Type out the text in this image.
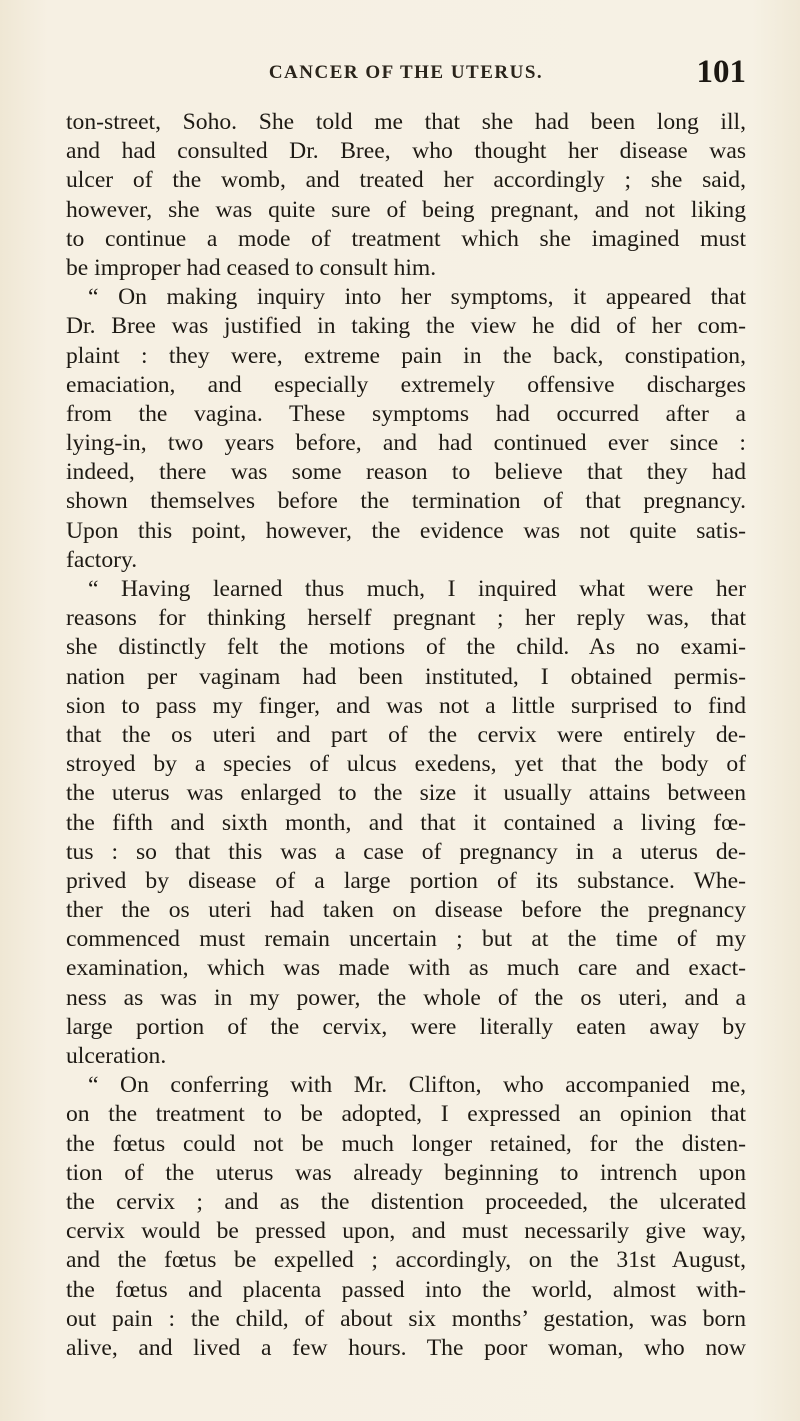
CANCER OF THE UTERUS.	101
ton-street, Soho. She told me that she had been long ill,
and had consulted Dr. Bree, who thought her disease was
ulcer of the womb, and treated her accordingly ; she said,
however, she was quite sure of being pregnant, and not liking
to continue a mode of treatment which she imagined must
be improper had ceased to consult him.
“ On making inquiry into her symptoms, it appeared that
Dr. Bree was justified in taking the view he did of her com-
plaint : they were, extreme pain in the back, constipation,
emaciation, and especially extremely offensive discharges
from the vagina. These symptoms had occurred after a
lying-in, two years before, and had continued ever since :
indeed, there was some reason to believe that they had
shown themselves before the termination of that pregnancy.
Upon this point, however, the evidence was not quite satis-
factory.
“ Having learned thus much, I inquired what were her
reasons for thinking herself pregnant ; her reply was, that
she distinctly felt the motions of the child. As no exami-
nation per vaginam had been instituted, I obtained permis-
sion to pass my finger, and was not a little surprised to find
that the os uteri and part of the cervix were entirely de-
stroyed by a species of ulcus exedens, yet that the body of
the uterus was enlarged to the size it usually attains between
the fifth and sixth month, and that it contained a living fœ-
tus : so that this was a case of pregnancy in a uterus de-
prived by disease of a large portion of its substance. Whe-
ther the os uteri had taken on disease before the pregnancy
commenced must remain uncertain ; but at the time of my
examination, which was made with as much care and exact-
ness as was in my power, the whole of the os uteri, and a
large portion of the cervix, were literally eaten away by
ulceration.
“ On conferring with Mr. Clifton, who accompanied me,
on the treatment to be adopted, I expressed an opinion that
the fœtus could not be much longer retained, for the disten-
tion of the uterus was already beginning to intrench upon
the cervix ; and as the distention proceeded, the ulcerated
cervix would be pressed upon, and must necessarily give way,
and the fœtus be expelled ; accordingly, on the 31st August,
the fœtus and placenta passed into the world, almost with-
out pain : the child, of about six months’ gestation, was born
alive, and lived a few hours. The poor woman, who now
